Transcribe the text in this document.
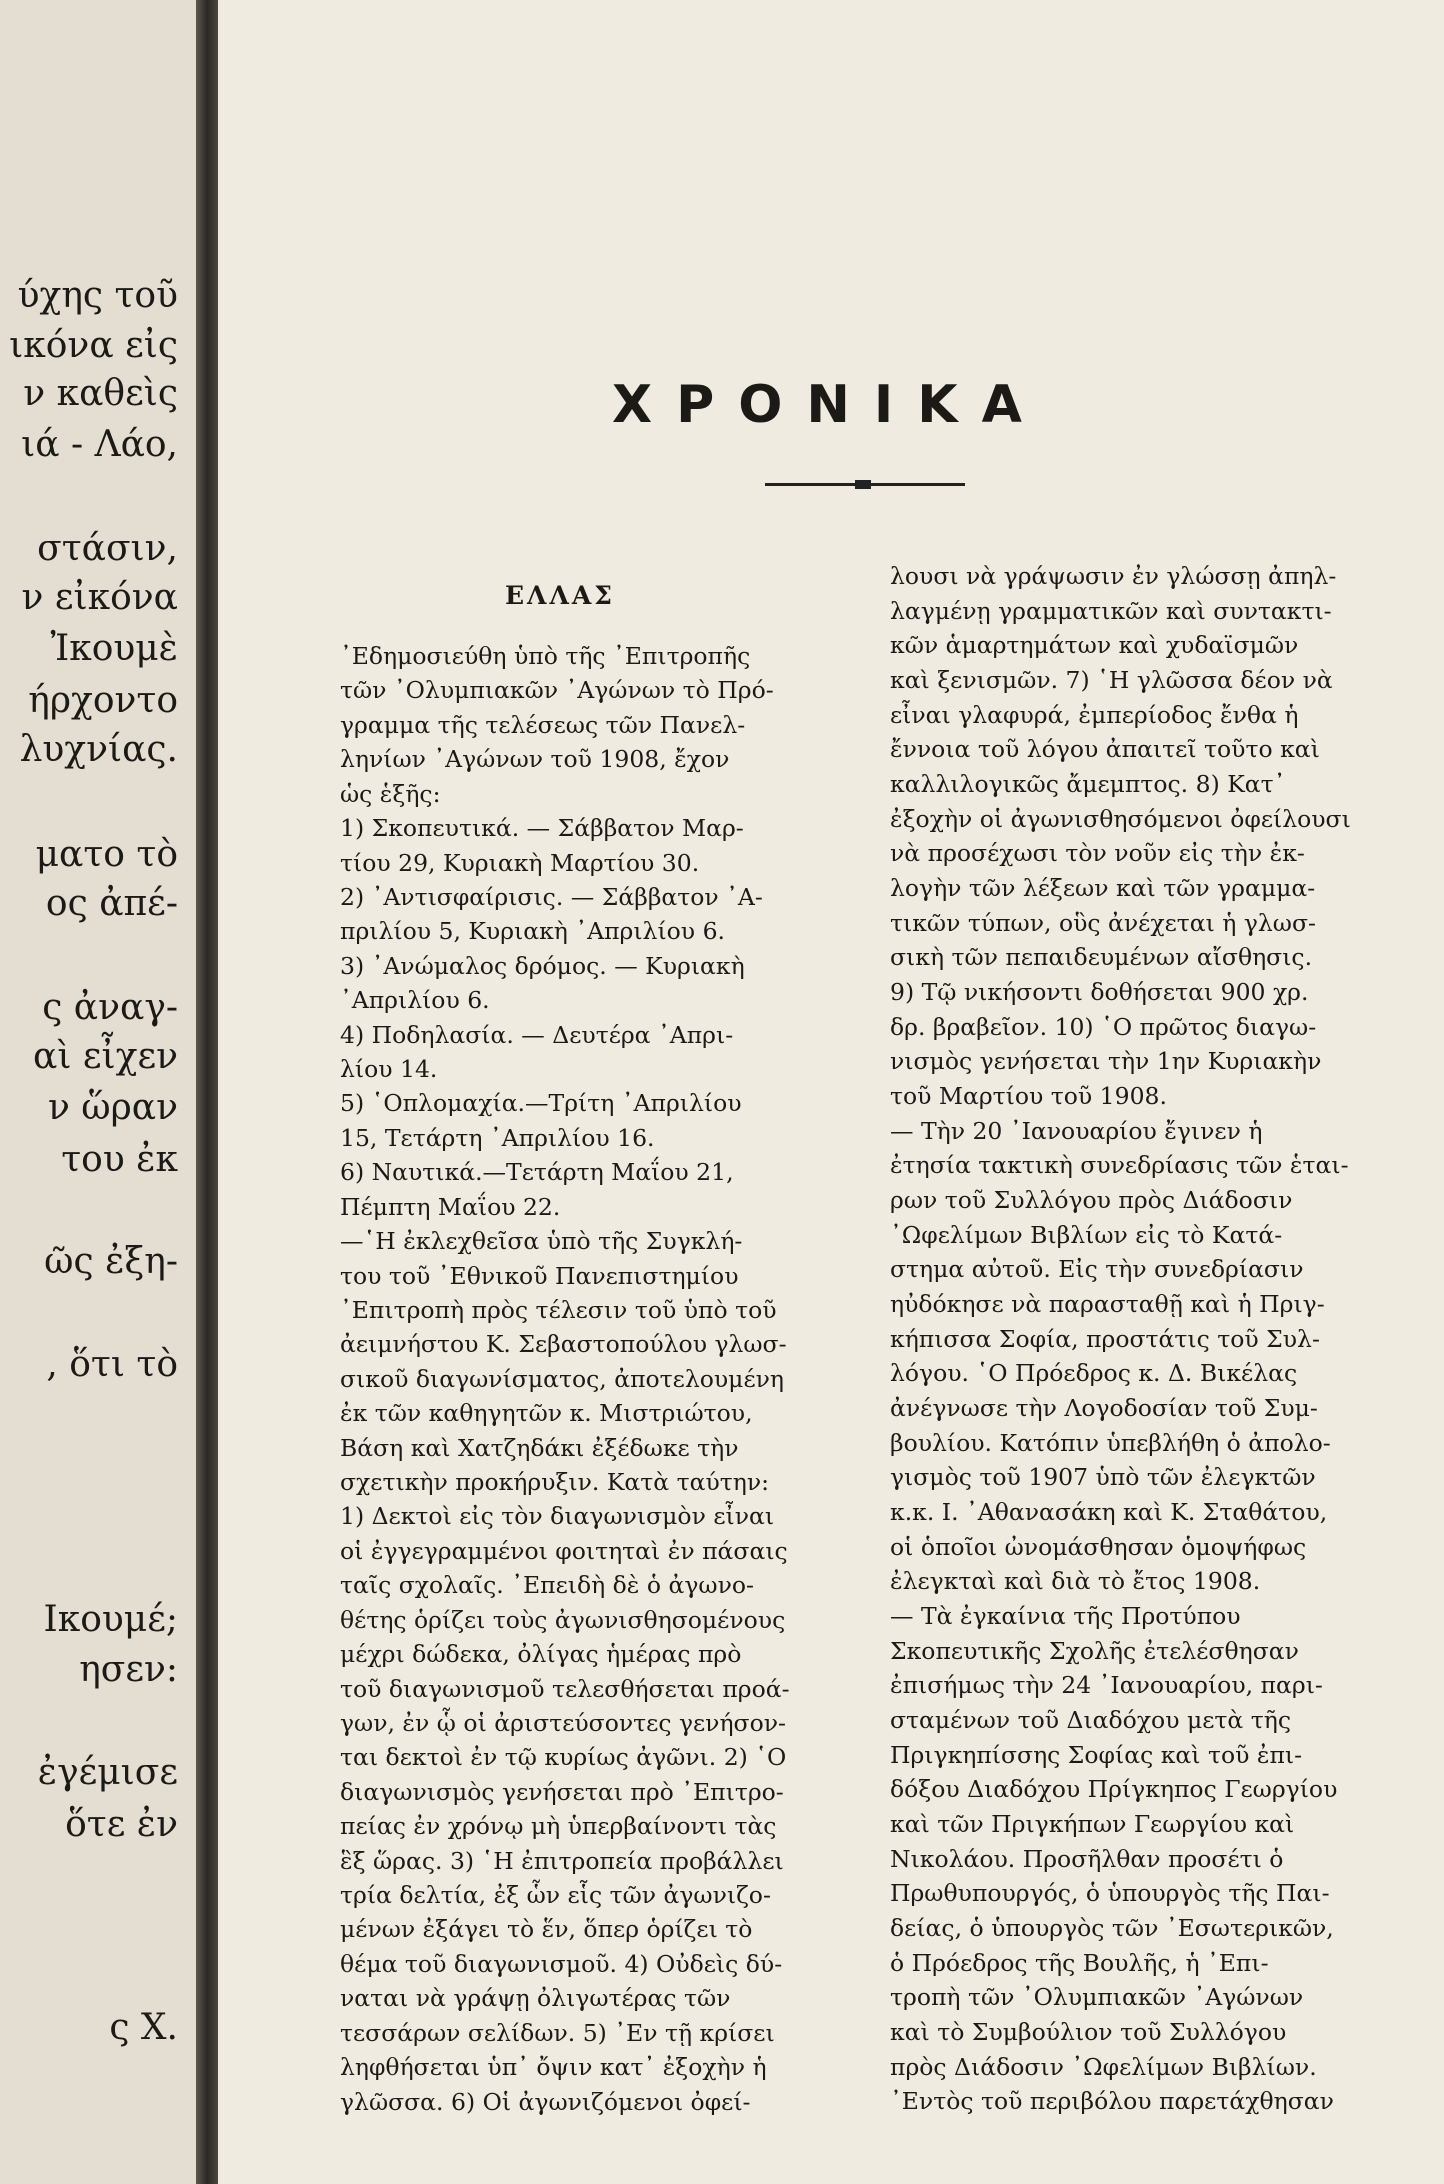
ύχης τοῦ
ικόνα εἰς
ν καθεὶς
ιά - Λάο,
στάσιν,
ν εἰκόνα
Ἰκουμὲ
ήρχοντο
λυχνίας.
ματο τὸ
ος ἀπέ-
ς ἀναγ-
αὶ εἶχεν
ν ὥραν
του ἐκ
ῶς ἐξη-
, ὅτι τὸ
Ικουμέ;
ησεν:
ἐγέμισε
ὅτε ἐν
ς Χ.
ΧΡΟΝΙΚΑ
ΕΛΛΑΣ
᾿Εδημοσιεύθη ὑπὸ τῆς ᾿Επιτροπῆς
τῶν ᾿Ολυμπιακῶν ᾿Αγώνων τὸ Πρό-
γραμμα τῆς τελέσεως τῶν Πανελ-
ληνίων ᾿Αγώνων τοῦ 1908, ἔχον
ὡς ἑξῆς:
1) Σκοπευτικά. — Σάββατον Μαρ-
τίου 29, Κυριακὴ Μαρτίου 30.
2) ᾿Αντισφαίρισις. — Σάββατον ᾿Α-
πριλίου 5, Κυριακὴ ᾿Απριλίου 6.
3) ᾿Ανώμαλος δρόμος. — Κυριακὴ
᾿Απριλίου 6.
4) Ποδηλασία. — Δευτέρα ᾿Απρι-
λίου 14.
5) ῾Οπλομαχία.—Τρίτη ᾿Απριλίου
15, Τετάρτη ᾿Απριλίου 16.
6) Ναυτικά.—Τετάρτη Μαΐου 21,
Πέμπτη Μαΐου 22.
—῾Η ἐκλεχθεῖσα ὑπὸ τῆς Συγκλή-
του τοῦ ᾿Εθνικοῦ Πανεπιστημίου
᾿Επιτροπὴ πρὸς τέλεσιν τοῦ ὑπὸ τοῦ
ἀειμνήστου Κ. Σεβαστοπούλου γλωσ-
σικοῦ διαγωνίσματος, ἀποτελουμένη
ἐκ τῶν καθηγητῶν κ. Μιστριώτου,
Βάση καὶ Χατζηδάκι ἐξέδωκε τὴν
σχετικὴν προκήρυξιν. Κατὰ ταύτην:
1) Δεκτοὶ εἰς τὸν διαγωνισμὸν εἶναι
οἱ ἐγγεγραμμένοι φοιτηταὶ ἐν πάσαις
ταῖς σχολαῖς. ᾿Επειδὴ δὲ ὁ ἀγωνο-
θέτης ὁρίζει τοὺς ἀγωνισθησομένους
μέχρι δώδεκα, ὀλίγας ἡμέρας πρὸ
τοῦ διαγωνισμοῦ τελεσθήσεται προά-
γων, ἐν ᾧ οἱ ἀριστεύσοντες γενήσον-
ται δεκτοὶ ἐν τῷ κυρίως ἀγῶνι. 2) ῾Ο
διαγωνισμὸς γενήσεται πρὸ ᾿Επιτρο-
πείας ἐν χρόνῳ μὴ ὑπερβαίνοντι τὰς
ἓξ ὥρας. 3) ῾Η ἐπιτροπεία προβάλλει
τρία δελτία, ἐξ ὧν εἷς τῶν ἀγωνιζο-
μένων ἐξάγει τὸ ἕν, ὅπερ ὁρίζει τὸ
θέμα τοῦ διαγωνισμοῦ. 4) Οὐδεὶς δύ-
ναται νὰ γράψῃ ὀλιγωτέρας τῶν
τεσσάρων σελίδων. 5) ᾿Εν τῇ κρίσει
ληφθήσεται ὑπ᾿ ὄψιν κατ᾿ ἐξοχὴν ἡ
γλῶσσα. 6) Οἱ ἀγωνιζόμενοι ὀφεί-
λουσι νὰ γράψωσιν ἐν γλώσσῃ ἀπηλ-
λαγμένῃ γραμματικῶν καὶ συντακτι-
κῶν ἁμαρτημάτων καὶ χυδαϊσμῶν
καὶ ξενισμῶν. 7) ῾Η γλῶσσα δέον νὰ
εἶναι γλαφυρά, ἐμπερίοδος ἔνθα ἡ
ἔννοια τοῦ λόγου ἀπαιτεῖ τοῦτο καὶ
καλλιλογικῶς ἄμεμπτος. 8) Κατ᾿
ἐξοχὴν οἱ ἀγωνισθησόμενοι ὀφείλουσι
νὰ προσέχωσι τὸν νοῦν εἰς τὴν ἐκ-
λογὴν τῶν λέξεων καὶ τῶν γραμμα-
τικῶν τύπων, οὓς ἀνέχεται ἡ γλωσ-
σικὴ τῶν πεπαιδευμένων αἴσθησις.
9) Τῷ νικήσοντι δοθήσεται 900 χρ.
δρ. βραβεῖον. 10) ῾Ο πρῶτος διαγω-
νισμὸς γενήσεται τὴν 1ην Κυριακὴν
τοῦ Μαρτίου τοῦ 1908.
— Τὴν 20 ᾿Ιανουαρίου ἔγινεν ἡ
ἐτησία τακτικὴ συνεδρίασις τῶν ἑται-
ρων τοῦ Συλλόγου πρὸς Διάδοσιν
᾿Ωφελίμων Βιβλίων εἰς τὸ Κατά-
στημα αὐτοῦ. Εἰς τὴν συνεδρίασιν
ηὐδόκησε νὰ παρασταθῇ καὶ ἡ Πριγ-
κήπισσα Σοφία, προστάτις τοῦ Συλ-
λόγου. ῾Ο Πρόεδρος κ. Δ. Βικέλας
ἀνέγνωσε τὴν Λογοδοσίαν τοῦ Συμ-
βουλίου. Κατόπιν ὑπεβλήθη ὁ ἀπολο-
γισμὸς τοῦ 1907 ὑπὸ τῶν ἐλεγκτῶν
κ.κ. Ι. ᾿Αθανασάκη καὶ Κ. Σταθάτου,
οἱ ὁποῖοι ὠνομάσθησαν ὁμοψήφως
ἐλεγκταὶ καὶ διὰ τὸ ἔτος 1908.
— Τὰ ἐγκαίνια τῆς Προτύπου
Σκοπευτικῆς Σχολῆς ἐτελέσθησαν
ἐπισήμως τὴν 24 ᾿Ιανουαρίου, παρι-
σταμένων τοῦ Διαδόχου μετὰ τῆς
Πριγκηπίσσης Σοφίας καὶ τοῦ ἐπι-
δόξου Διαδόχου Πρίγκηπος Γεωργίου
καὶ τῶν Πριγκήπων Γεωργίου καὶ
Νικολάου. Προσῆλθαν προσέτι ὁ
Πρωθυπουργός, ὁ ὑπουργὸς τῆς Παι-
δείας, ὁ ὑπουργὸς τῶν ᾿Εσωτερικῶν,
ὁ Πρόεδρος τῆς Βουλῆς, ἡ ᾿Επι-
τροπὴ τῶν ᾿Ολυμπιακῶν ᾿Αγώνων
καὶ τὸ Συμβούλιον τοῦ Συλλόγου
πρὸς Διάδοσιν ᾿Ωφελίμων Βιβλίων.
᾿Εντὸς τοῦ περιβόλου παρετάχθησαν
